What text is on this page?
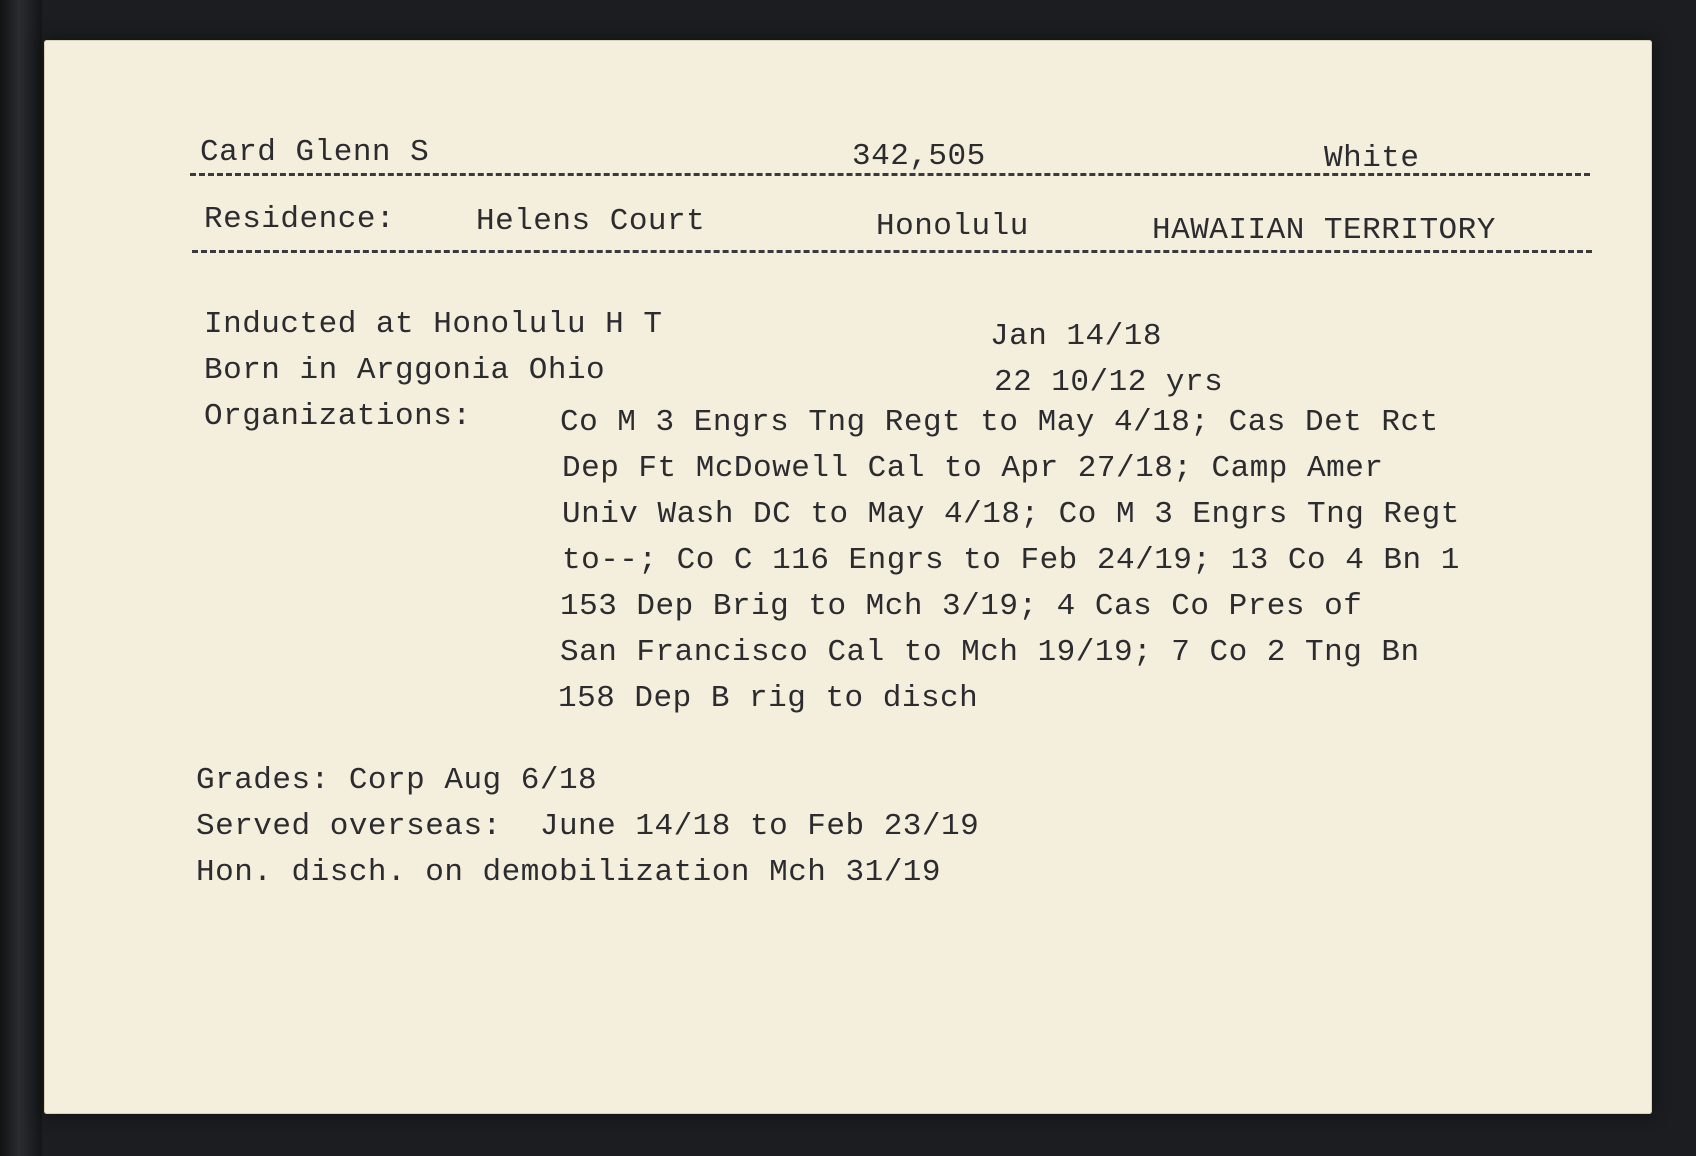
Card Glenn S	342,505	White
Residence:	Helens Court	Honolulu	HAWAIIAN TERRITORY
Inducted at Honolulu H T	Jan 14/18
Born in Arggonia Ohio	22 10/12 yrs
Organizations:	Co M 3 Engrs Tng Regt to May 4/18; Cas Det Rct
Dep Ft McDowell Cal to Apr 27/18; Camp Amer
Univ Wash DC to May 4/18; Co M 3 Engrs Tng Regt
to--; Co C 116 Engrs to Feb 24/19; 13 Co 4 Bn 1
153 Dep Brig to Mch 3/19; 4 Cas Co Pres of
San Francisco Cal to Mch 19/19; 7 Co 2 Tng Bn
158 Dep B rig to disch
Grades: Corp Aug 6/18
Served overseas:  June 14/18 to Feb 23/19
Hon. disch. on demobilization Mch 31/19
